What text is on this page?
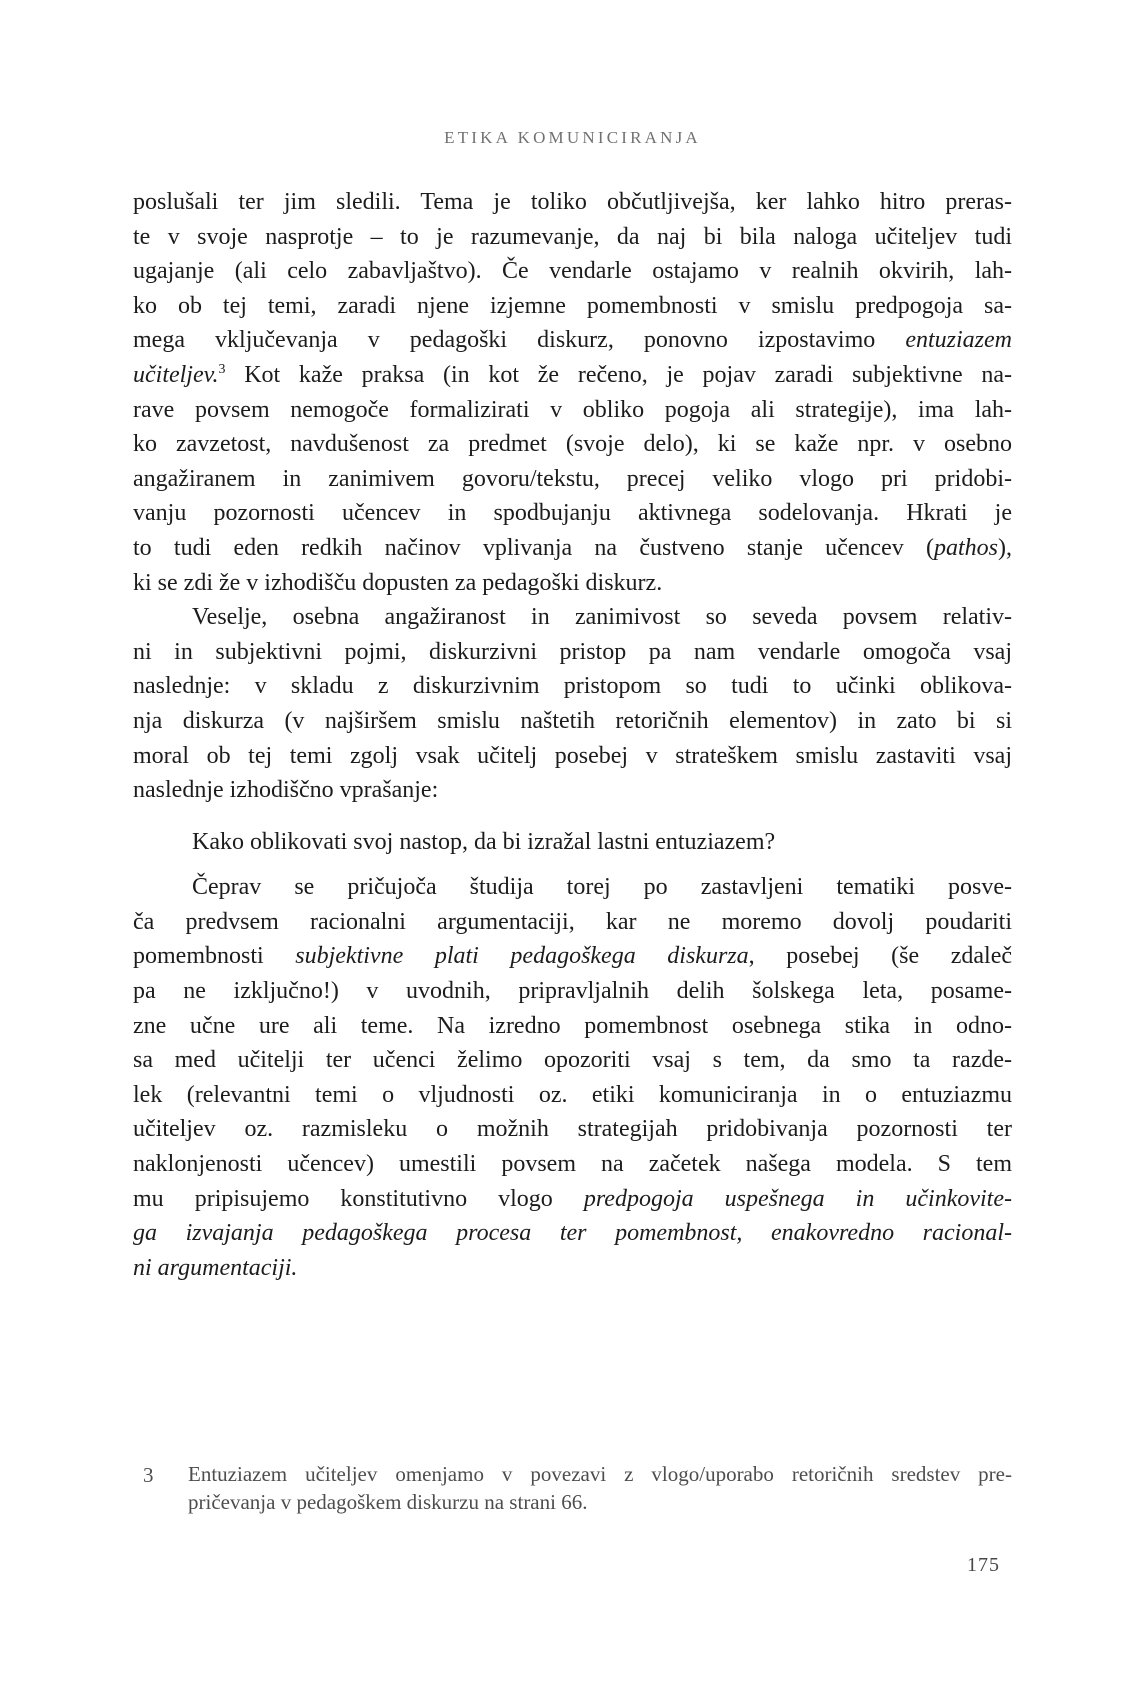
ETIKA KOMUNICIRANJA
poslušali ter jim sledili. Tema je toliko občutljivejša, ker lahko hitro preras-
te v svoje nasprotje – to je razumevanje, da naj bi bila naloga učiteljev tudi
ugajanje (ali celo zabavljaštvo). Če vendarle ostajamo v realnih okvirih, lah-
ko ob tej temi, zaradi njene izjemne pomembnosti v smislu predpogoja sa-
mega vključevanja v pedagoški diskurz, ponovno izpostavimo entuziazem
učiteljev.$^3$ Kot kaže praksa (in kot že rečeno, je pojav zaradi subjektivne na-
rave povsem nemogoče formalizirati v obliko pogoja ali strategije), ima lah-
ko zavzetost, navdušenost za predmet (svoje delo), ki se kaže npr. v osebno
angažiranem in zanimivem govoru/tekstu, precej veliko vlogo pri pridobi-
vanju pozornosti učencev in spodbujanju aktivnega sodelovanja. Hkrati je
to tudi eden redkih načinov vplivanja na čustveno stanje učencev (pathos),
ki se zdi že v izhodišču dopusten za pedagoški diskurz.
Veselje, osebna angažiranost in zanimivost so seveda povsem relativ-
ni in subjektivni pojmi, diskurzivni pristop pa nam vendarle omogoča vsaj
naslednje: v skladu z diskurzivnim pristopom so tudi to učinki oblikova-
nja diskurza (v najširšem smislu naštetih retoričnih elementov) in zato bi si
moral ob tej temi zgolj vsak učitelj posebej v strateškem smislu zastaviti vsaj
naslednje izhodiščno vprašanje:
Kako oblikovati svoj nastop, da bi izražal lastni entuziazem?
Čeprav se pričujoča študija torej po zastavljeni tematiki posve-
ča predvsem racionalni argumentaciji, kar ne moremo dovolj poudariti
pomembnosti subjektivne plati pedagoškega diskurza, posebej (še zdaleč
pa ne izključno!) v uvodnih, pripravljalnih delih šolskega leta, posame-
zne učne ure ali teme. Na izredno pomembnost osebnega stika in odno-
sa med učitelji ter učenci želimo opozoriti vsaj s tem, da smo ta razde-
lek (relevantni temi o vljudnosti oz. etiki komuniciranja in o entuziazmu
učiteljev oz. razmisleku o možnih strategijah pridobivanja pozornosti ter
naklonjenosti učencev) umestili povsem na začetek našega modela. S tem
mu pripisujemo konstitutivno vlogo predpogoja uspešnega in učinkovite-
ga izvajanja pedagoškega procesa ter pomembnost, enakovredno racional-
ni argumentaciji.
3 Entuziazem učiteljev omenjamo v povezavi z vlogo/uporabo retoričnih sredstev pre-
pričevanja v pedagoškem diskurzu na strani 66.
175
